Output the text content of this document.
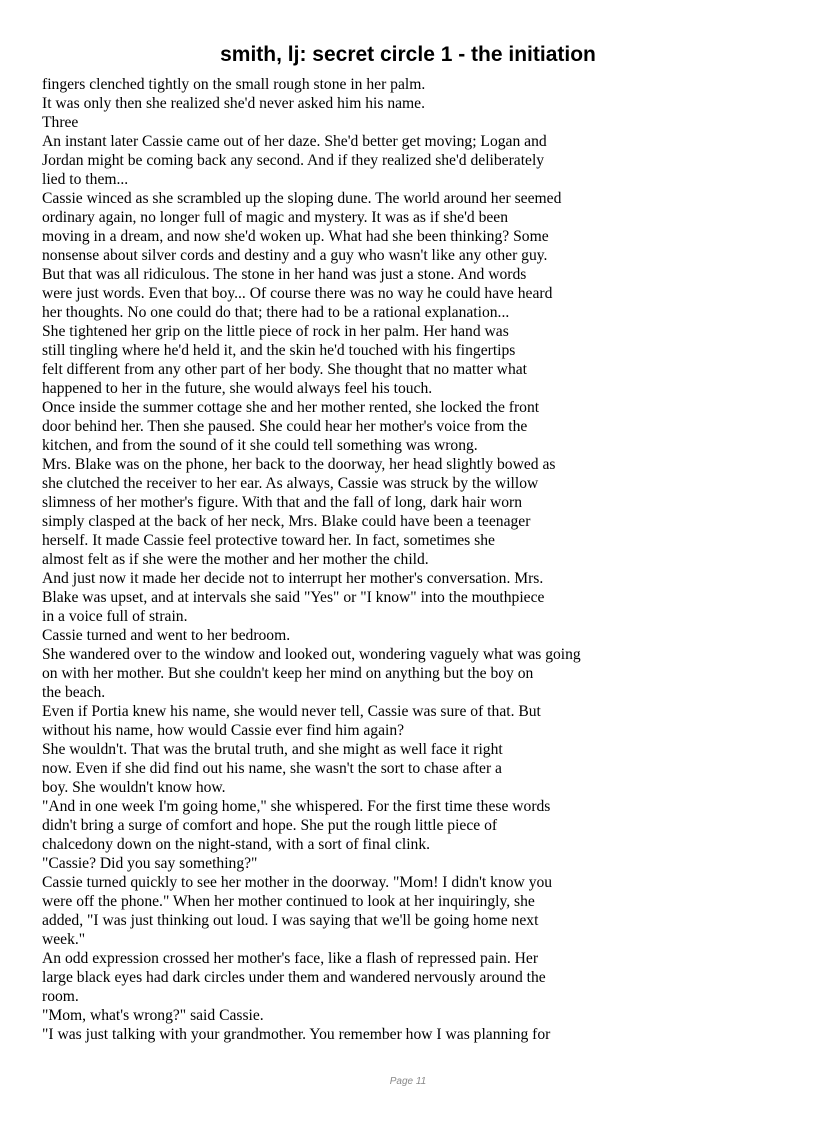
smith, lj: secret circle 1 - the initiation
fingers clenched tightly on the small rough stone in her palm.
It was only then she realized she'd never asked him his name.
Three
An instant later Cassie came out of her daze. She'd better get moving; Logan and
Jordan might be coming back any second. And if they realized she'd deliberately
lied to them...
Cassie winced as she scrambled up the sloping dune. The world around her seemed
ordinary again, no longer full of magic and mystery. It was as if she'd been
moving in a dream, and now she'd woken up. What had she been thinking? Some
nonsense about silver cords and destiny and a guy who wasn't like any other guy.
But that was all ridiculous. The stone in her hand was just a stone. And words
were just words. Even that boy... Of course there was no way he could have heard
her thoughts. No one could do that; there had to be a rational explanation...
She tightened her grip on the little piece of rock in her palm. Her hand was
still tingling where he'd held it, and the skin he'd touched with his fingertips
felt different from any other part of her body. She thought that no matter what
happened to her in the future, she would always feel his touch.
Once inside the summer cottage she and her mother rented, she locked the front
door behind her. Then she paused. She could hear her mother's voice from the
kitchen, and from the sound of it she could tell something was wrong.
Mrs. Blake was on the phone, her back to the doorway, her head slightly bowed as
she clutched the receiver to her ear. As always, Cassie was struck by the willow
slimness of her mother's figure. With that and the fall of long, dark hair worn
simply clasped at the back of her neck, Mrs. Blake could have been a teenager
herself. It made Cassie feel protective toward her. In fact, sometimes she
almost felt as if she were the mother and her mother the child.
And just now it made her decide not to interrupt her mother's conversation. Mrs.
Blake was upset, and at intervals she said "Yes" or "I know" into the mouthpiece
in a voice full of strain.
Cassie turned and went to her bedroom.
She wandered over to the window and looked out, wondering vaguely what was going
on with her mother. But she couldn't keep her mind on anything but the boy on
the beach.
Even if Portia knew his name, she would never tell, Cassie was sure of that. But
without his name, how would Cassie ever find him again?
She wouldn't. That was the brutal truth, and she might as well face it right
now. Even if she did find out his name, she wasn't the sort to chase after a
boy. She wouldn't know how.
"And in one week I'm going home," she whispered. For the first time these words
didn't bring a surge of comfort and hope. She put the rough little piece of
chalcedony down on the night-stand, with a sort of final clink.
"Cassie? Did you say something?"
Cassie turned quickly to see her mother in the doorway. "Mom! I didn't know you
were off the phone." When her mother continued to look at her inquiringly, she
added, "I was just thinking out loud. I was saying that we'll be going home next
week."
An odd expression crossed her mother's face, like a flash of repressed pain. Her
large black eyes had dark circles under them and wandered nervously around the
room.
"Mom, what's wrong?" said Cassie.
"I was just talking with your grandmother. You remember how I was planning for
Page 11
